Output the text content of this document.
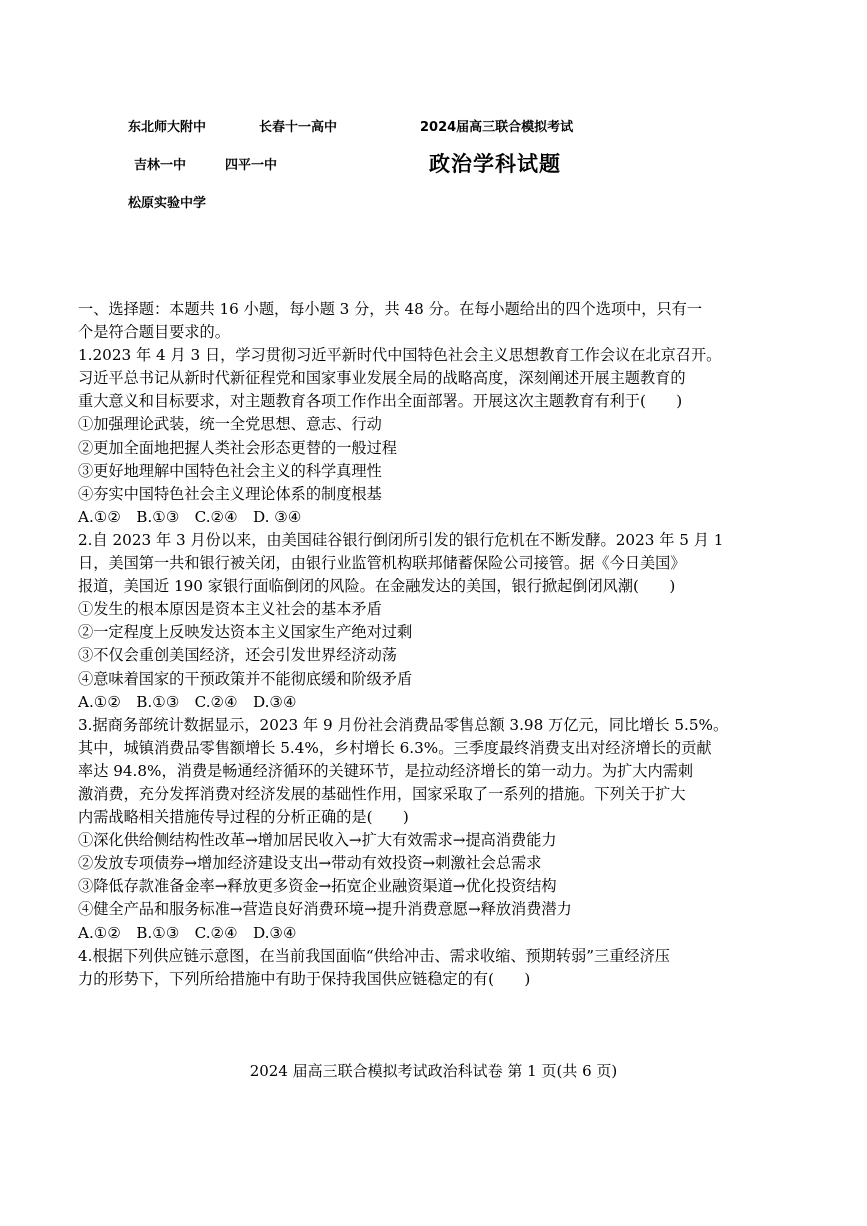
东北师大附中	长春十一高中	2024届高三联合模拟考试
吉林一中	四平一中	政治学科试题
松原实验中学
一、选择题：本题共 16 小题，每小题 3 分，共 48 分。在每小题给出的四个选项中，只有一
个是符合题目要求的。
1.2023 年 4 月 3 日，学习贯彻习近平新时代中国特色社会主义思想教育工作会议在北京召开。
习近平总书记从新时代新征程党和国家事业发展全局的战略高度，深刻阐述开展主题教育的
重大意义和目标要求，对主题教育各项工作作出全面部署。开展这次主题教育有利于(　　)
①加强理论武装，统一全党思想、意志、行动
②更加全面地把握人类社会形态更替的一般过程
③更好地理解中国特色社会主义的科学真理性
④夯实中国特色社会主义理论体系的制度根基
A.①②　B.①③　C.②④　D. ③④
2.自 2023 年 3 月份以来，由美国硅谷银行倒闭所引发的银行危机在不断发酵。2023 年 5 月 1
日，美国第一共和银行被关闭，由银行业监管机构联邦储蓄保险公司接管。据《今日美国》
报道，美国近 190 家银行面临倒闭的风险。在金融发达的美国，银行掀起倒闭风潮(　　)
①发生的根本原因是资本主义社会的基本矛盾
②一定程度上反映发达资本主义国家生产绝对过剩
③不仅会重创美国经济，还会引发世界经济动荡
④意味着国家的干预政策并不能彻底缓和阶级矛盾
A.①②　B.①③　C.②④　D.③④
3.据商务部统计数据显示，2023 年 9 月份社会消费品零售总额 3.98 万亿元，同比增长 5.5%。
其中，城镇消费品零售额增长 5.4%，乡村增长 6.3%。三季度最终消费支出对经济增长的贡献
率达 94.8%，消费是畅通经济循环的关键环节，是拉动经济增长的第一动力。为扩大内需刺
激消费，充分发挥消费对经济发展的基础性作用，国家采取了一系列的措施。下列关于扩大
内需战略相关措施传导过程的分析正确的是(　　)
①深化供给侧结构性改革→增加居民收入→扩大有效需求→提高消费能力
②发放专项债券→增加经济建设支出→带动有效投资→刺激社会总需求
③降低存款准备金率→释放更多资金→拓宽企业融资渠道→优化投资结构
④健全产品和服务标准→营造良好消费环境→提升消费意愿→释放消费潜力
A.①②　B.①③　C.②④　D.③④
4.根据下列供应链示意图，在当前我国面临“供给冲击、需求收缩、预期转弱”三重经济压
力的形势下，下列所给措施中有助于保持我国供应链稳定的有(　　)
2024 届高三联合模拟考试政治科试卷 第 1 页(共 6 页)
